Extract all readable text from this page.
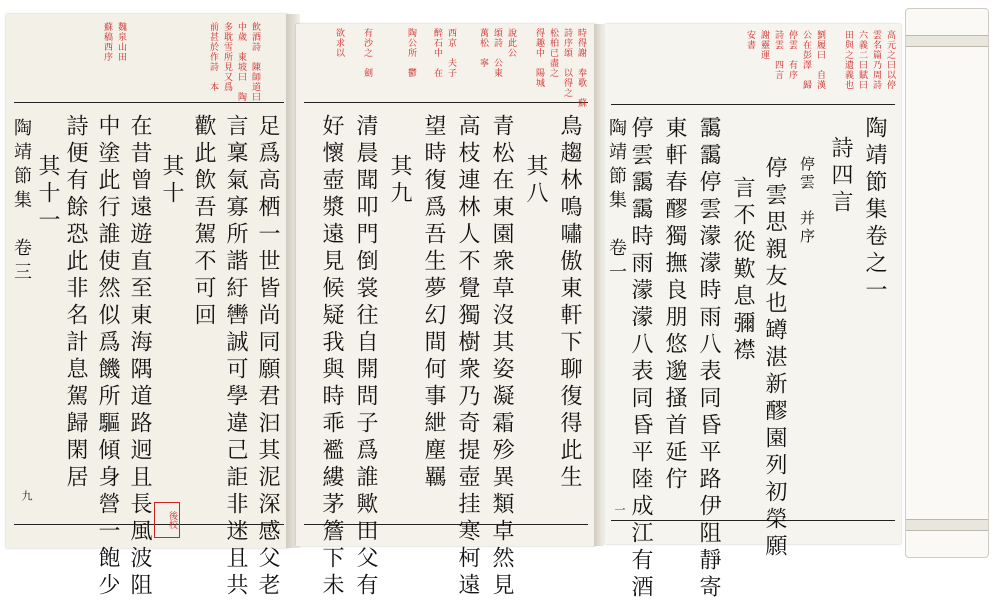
飲酒詩　陳師道曰
中歲　東坡曰　陶
多耽雪所見又爲
前甚於作詩　本
魏泉山田
蘇稿西序
足爲高栖一世皆尚同願君汩其泥深感父老
言稟氣寡所諧紆轡誠可學違己詎非迷且共
歡此飲吾駕不可回
其十
在昔曾遠遊直至東海隅道路迥且長風波阻
中塗此行誰使然似爲饑所驅傾身營一飽少
詩便有餘恐此非名計息駕歸閑居
其十一
陶靖節集　卷三
九
後校
時得謝　奉歌　蘇
詩序頌　以得之
松柏已盡之
得趣中　陽城
說此公
頌詩　公東
萬松　寧
西京　夫子
醉石中　在
陶公所　鬱
有沙之　劍
欲求以
鳥趨林鳴嘯傲東軒下聊復得此生
其八
青松在東園衆草沒其姿凝霜殄異類卓然見
高枝連林人不覺獨樹衆乃奇提壺挂寒柯遠
望時復爲吾生夢幻間何事紲塵羈
其九
清晨聞叩門倒裳往自開問子爲誰歟田父有
好懷壺漿遠見候疑我與時乖襤縷茅簷下未
高元之曰以停
雲名篇乃周詩
六義二曰賦曰
田與之遺義也
劉履曰　自漢
公在彭澤　歸
停雲　有序
詩雲　四言
謝靈運
安書
陶靖節集卷之一
詩四言
停雲　并序
停雲思親友也罇湛新醪園列初榮願
言不從歎息彌襟
靄靄停雲濛濛時雨八表同昏平路伊阻靜寄
東軒春醪獨撫良朋悠邈搔首延佇
停雲靄靄時雨濛濛八表同昏平陸成江有酒
陶靖節集　卷一
一
